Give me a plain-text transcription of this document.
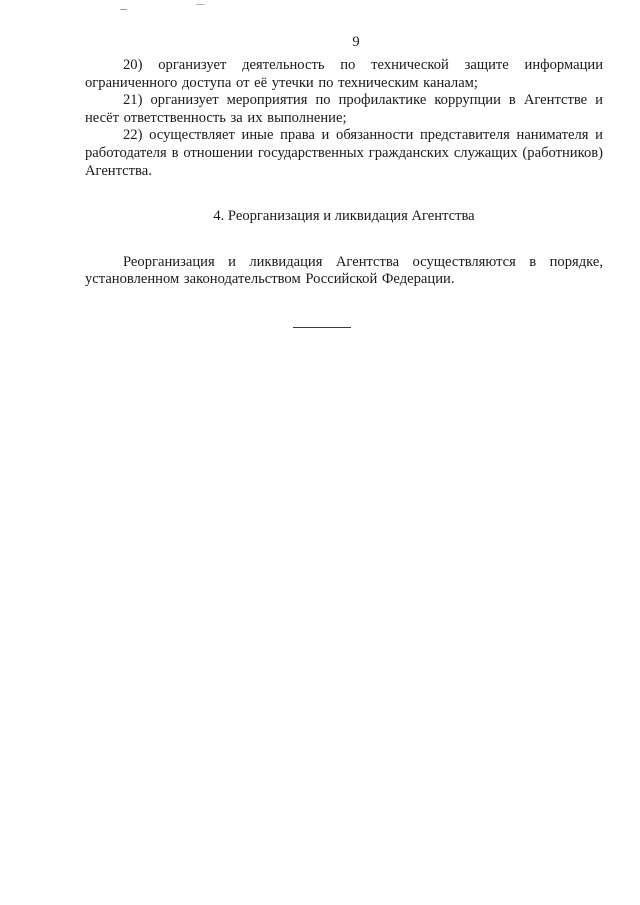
9

20) организует деятельность по технической защите информации ограниченного доступа от её утечки по техническим каналам;

21) организует мероприятия по профилактике коррупции в Агентстве и несёт ответственность за их выполнение;

22) осуществляет иные права и обязанности представителя нанимателя и работодателя в отношении государственных гражданских служащих (работников) Агентства.

4. Реорганизация и ликвидация Агентства

Реорганизация и ликвидация Агентства осуществляются в порядке, установленном законодательством Российской Федерации.
